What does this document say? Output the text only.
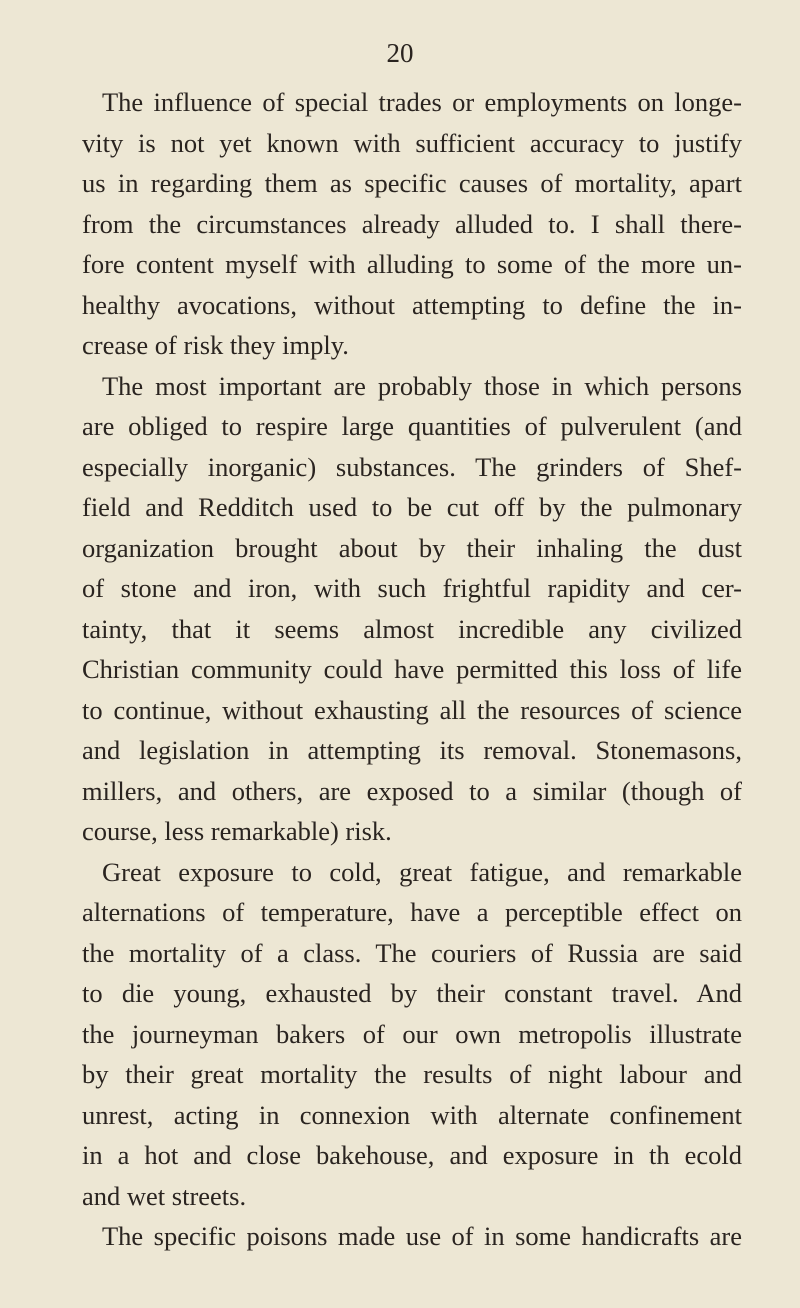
20
The influence of special trades or employments on longe-
vity is not yet known with sufficient accuracy to justify
us in regarding them as specific causes of mortality, apart
from the circumstances already alluded to. I shall there-
fore content myself with alluding to some of the more un-
healthy avocations, without attempting to define the in-
crease of risk they imply.
The most important are probably those in which persons
are obliged to respire large quantities of pulverulent (and
especially inorganic) substances. The grinders of Shef-
field and Redditch used to be cut off by the pulmonary
organization brought about by their inhaling the dust
of stone and iron, with such frightful rapidity and cer-
tainty, that it seems almost incredible any civilized
Christian community could have permitted this loss of life
to continue, without exhausting all the resources of science
and legislation in attempting its removal. Stonemasons,
millers, and others, are exposed to a similar (though of
course, less remarkable) risk.
Great exposure to cold, great fatigue, and remarkable
alternations of temperature, have a perceptible effect on
the mortality of a class. The couriers of Russia are said
to die young, exhausted by their constant travel. And
the journeyman bakers of our own metropolis illustrate
by their great mortality the results of night labour and
unrest, acting in connexion with alternate confinement
in a hot and close bakehouse, and exposure in th ecold
and wet streets.
The specific poisons made use of in some handicrafts are
